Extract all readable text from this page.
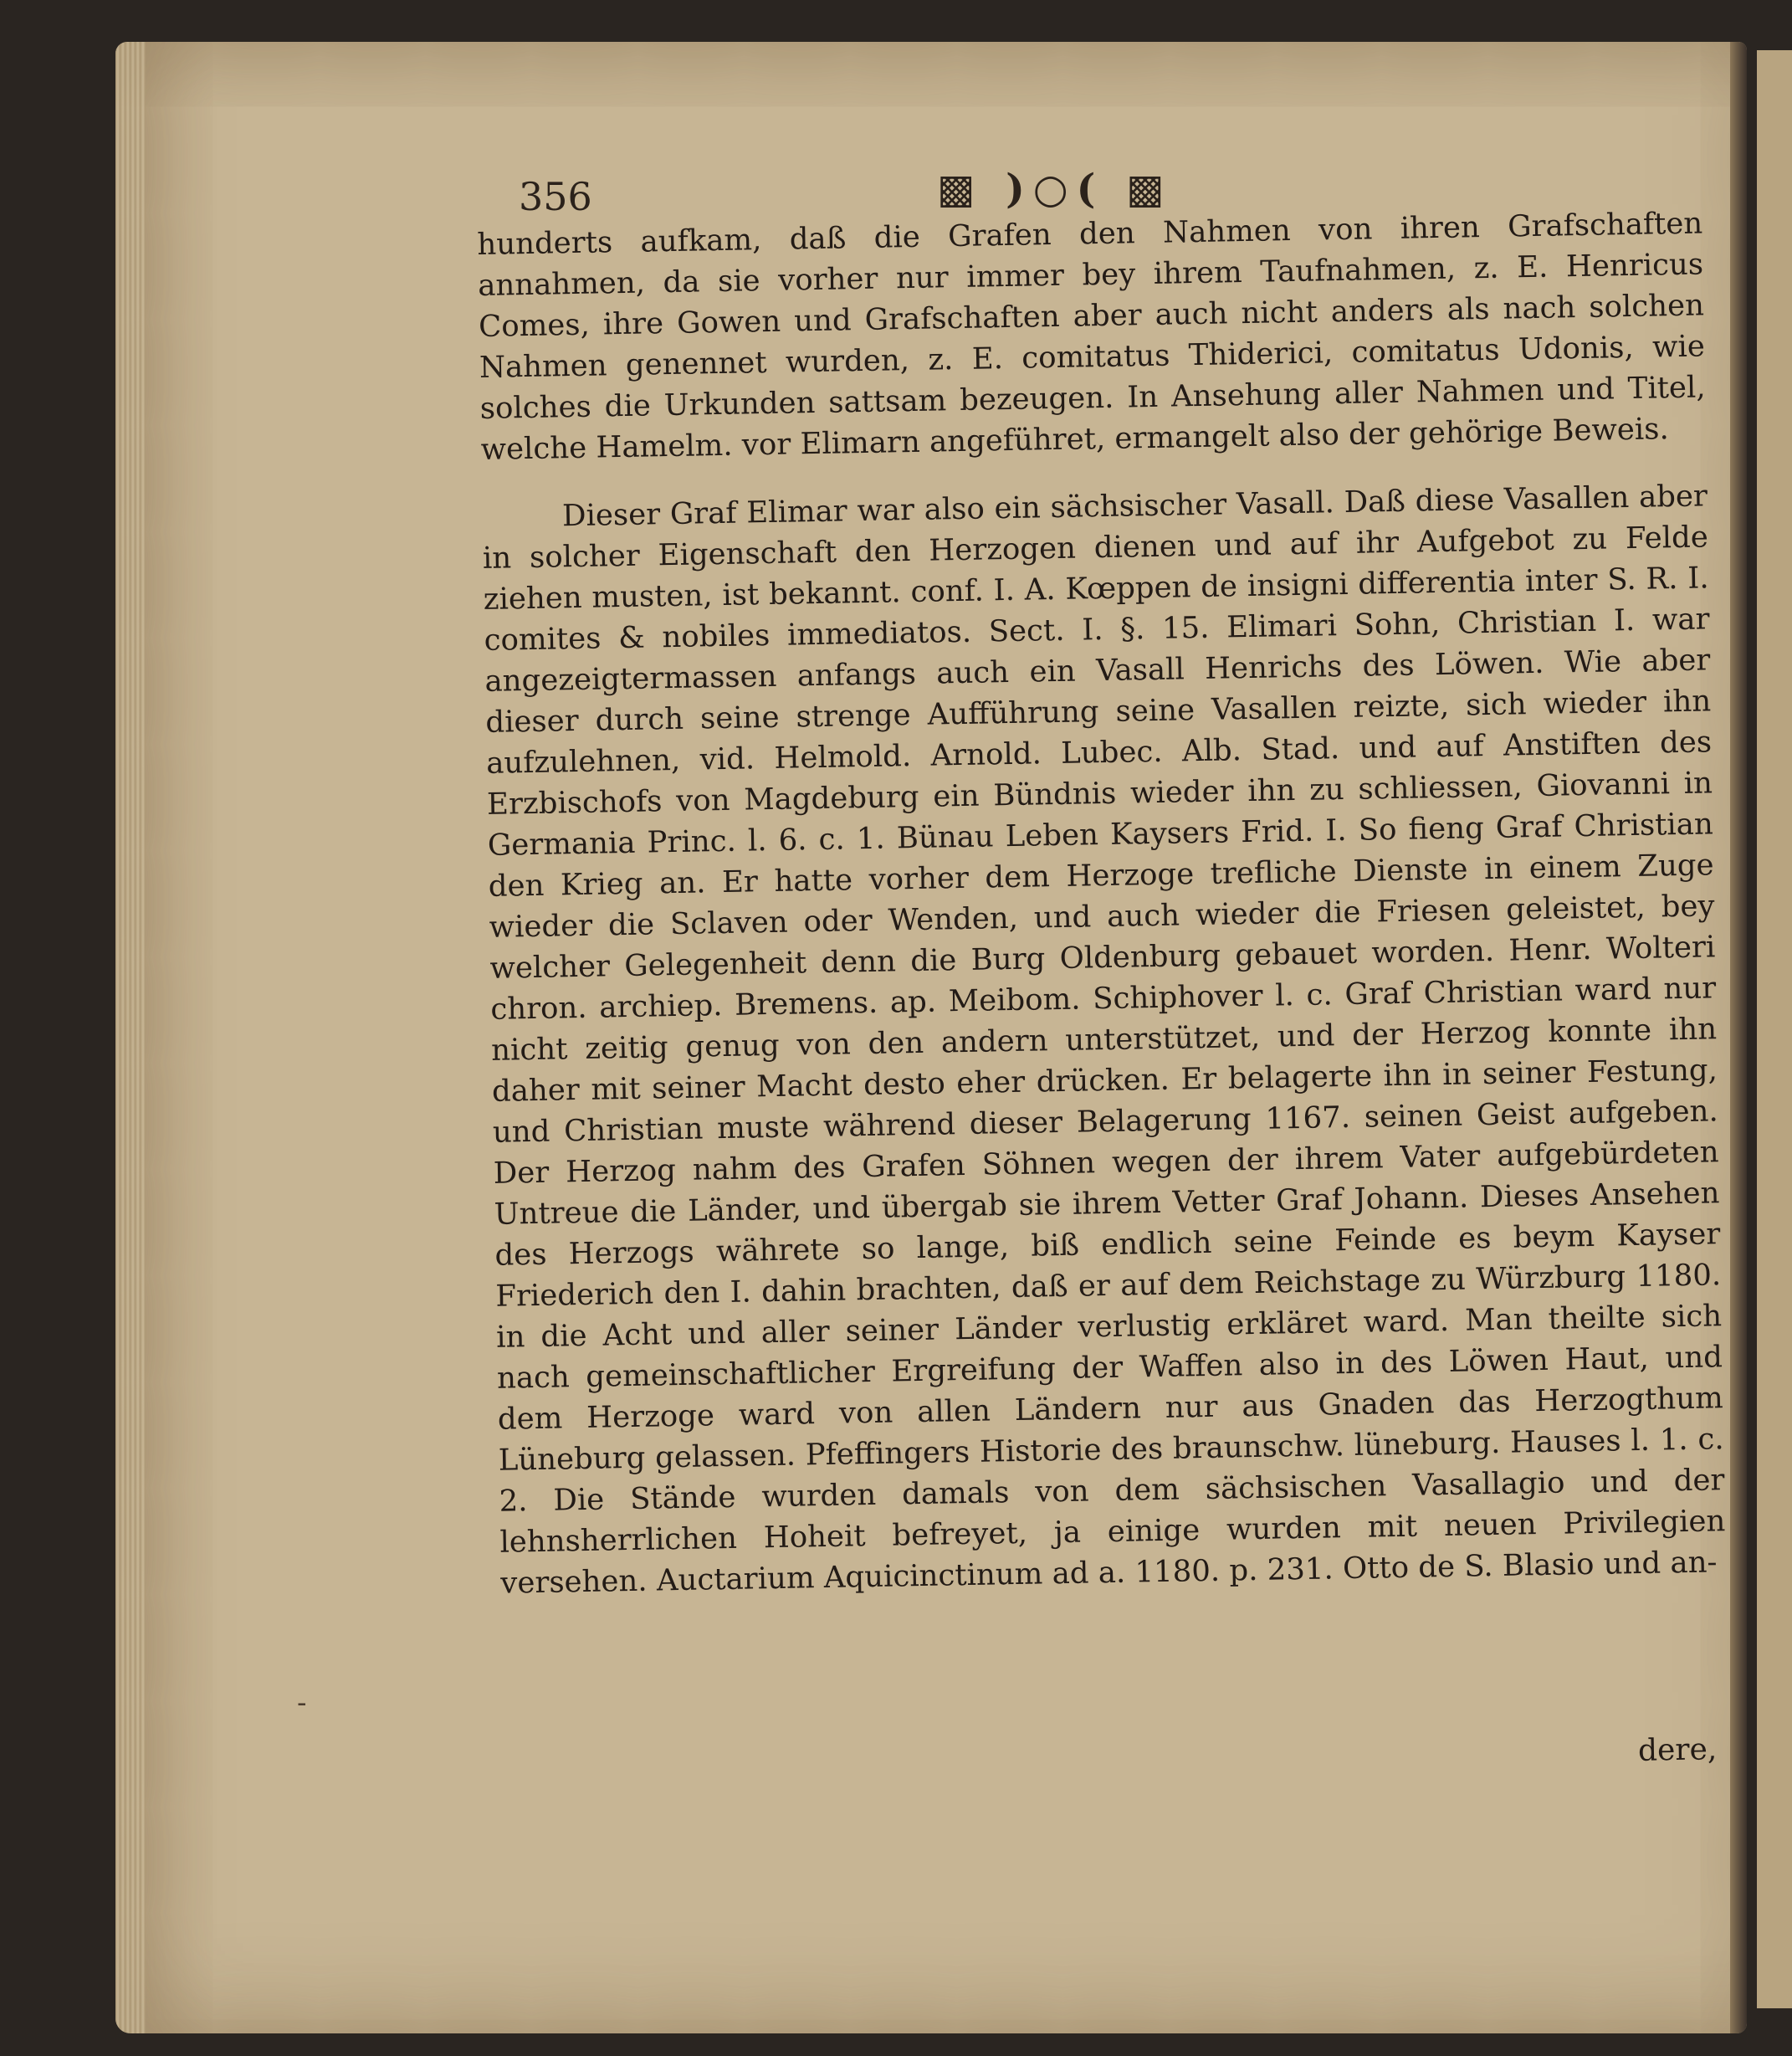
356	▩ )○( ▩

hunderts aufkam, daß die Grafen den Nahmen von ihren Grafschaften annahmen, da sie vorher nur immer bey ihrem Taufnahmen, z. E. Henricus Comes, ihre Gowen und Grafschaften aber auch nicht anders als nach solchen Nahmen genennet wurden, z. E. comitatus Thiderici, comitatus Udonis, wie solches die Urkunden sattsam bezeugen. In Ansehung aller Nahmen und Titel, welche Hamelm. vor Elimarn angeführet, ermangelt also der gehörige Beweis.

Dieser Graf Elimar war also ein sächsischer Vasall. Daß diese Vasallen aber in solcher Eigenschaft den Herzogen dienen und auf ihr Aufgebot zu Felde ziehen musten, ist bekannt. conf. I. A. Kœppen de insigni differentia inter S. R. I. comites & nobiles immediatos. Sect. I. §. 15. Elimari Sohn, Christian I. war angezeigtermassen anfangs auch ein Vasall Henrichs des Löwen. Wie aber dieser durch seine strenge Aufführung seine Vasallen reizte, sich wieder ihn aufzulehnen, vid. Helmold. Arnold. Lubec. Alb. Stad. und auf Anstiften des Erzbischofs von Magdeburg ein Bündnis wieder ihn zu schliessen, Giovanni in Germania Princ. l. 6. c. 1. Bünau Leben Kaysers Frid. I. So fieng Graf Christian den Krieg an. Er hatte vorher dem Herzoge trefliche Dienste in einem Zuge wieder die Sclaven oder Wenden, und auch wieder die Friesen geleistet, bey welcher Gelegenheit denn die Burg Oldenburg gebauet worden. Henr. Wolteri chron. archiep. Bremens. ap. Meibom. Schiphover l. c. Graf Christian ward nur nicht zeitig genug von den andern unterstützet, und der Herzog konnte ihn daher mit seiner Macht desto eher drücken. Er belagerte ihn in seiner Festung, und Christian muste während dieser Belagerung 1167. seinen Geist aufgeben. Der Herzog nahm des Grafen Söhnen wegen der ihrem Vater aufgebürdeten Untreue die Länder, und übergab sie ihrem Vetter Graf Johann. Dieses Ansehen des Herzogs währete so lange, biß endlich seine Feinde es beym Kayser Friederich den I. dahin brachten, daß er auf dem Reichstage zu Würzburg 1180. in die Acht und aller seiner Länder verlustig erkläret ward. Man theilte sich nach gemeinschaftlicher Ergreifung der Waffen also in des Löwen Haut, und dem Herzoge ward von allen Ländern nur aus Gnaden das Herzogthum Lüneburg gelassen. Pfeffingers Historie des braunschw. lüneburg. Hauses l. 1. c. 2. Die Stände wurden damals von dem sächsischen Vasallagio und der lehnsherrlichen Hoheit befreyet, ja einige wurden mit neuen Privilegien versehen. Auctarium Aquicinctinum ad a. 1180. p. 231. Otto de S. Blasio und an-

dere,
‑
